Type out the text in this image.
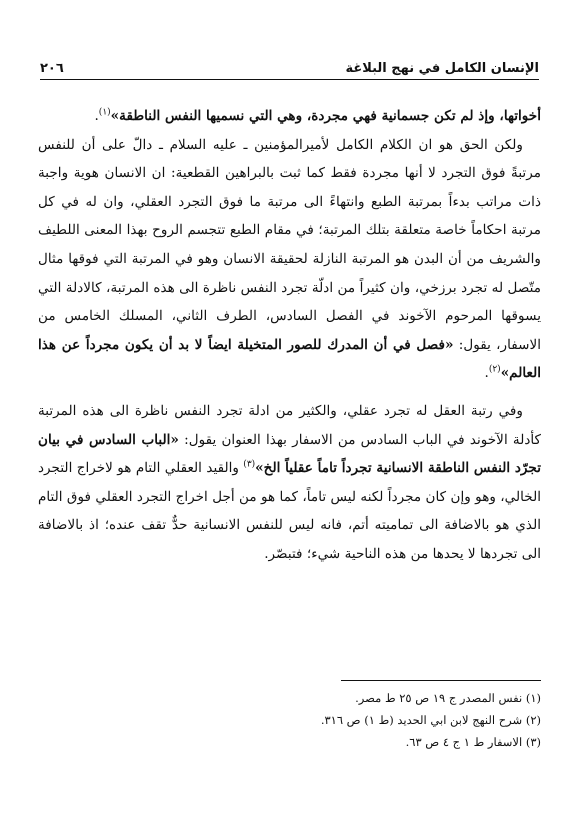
الإنسان الكامل في نهج البلاغة
٢٠٦

أخواتها، وإذ لم تكن جسمانية فهي مجردة، وهي التي نسميها النفس الناطقة»$^{(١)}$.

ولكن الحق هو ان الكلام الكامل لأميرالمؤمنين ـ عليه السلام ـ دالّ على أن للنفس مرتبةً فوق التجرد لا أنها مجردة فقط كما ثبت بالبراهين القطعية: ان الانسان هوية واجبة ذات مراتب بدءاً بمرتبة الطبع وانتهاءً الى مرتبة ما فوق التجرد العقلي، وان له في كل مرتبة احكاماً خاصة متعلقة بتلك المرتبة؛ في مقام الطبع تتجسم الروح بهذا المعنى اللطيف والشريف من أن البدن هو المرتبة النازلة لحقيقة الانسان وهو في المرتبة التي فوقها مثال متّصل له تجرد برزخي، وان كثيراً من ادلّة تجرد النفس ناظرة الى هذه المرتبة، كالادلة التي يسوقها المرحوم الآخوند في الفصل السادس، الطرف الثاني، المسلك الخامس من الاسفار، يقول: «فصل في أن المدرك للصور المتخيلة ايضاً لا بد أن يكون مجرداً عن هذا العالم»$^{(٢)}$.

وفي رتبة العقل له تجرد عقلي، والكثير من ادلة تجرد النفس ناظرة الى هذه المرتبة كأدلة الآخوند في الباب السادس من الاسفار بهذا العنوان يقول: «الباب السادس في بيان تجرّد النفس الناطقة الانسانية تجرداً تاماً عقلياً الخ»$^{(٣)}$ والقيد العقلي التام هو لاخراج التجرد الخالي، وهو وإن كان مجرداً لكنه ليس تاماً، كما هو من أجل اخراج التجرد العقلي فوق التام الذي هو بالاضافة الى تماميته أتم، فانه ليس للنفس الانسانية حدٌّ تقف عنده؛ اذ بالاضافة الى تجردها لا يحدها من هذه الناحية شيء؛ فتبصّر.

(١) نفس المصدر ج ١٩ ص ٢٥ ط مصر.
(٢) شرح النهج لابن ابي الحديد (ط ١) ص ٣١٦.
(٣) الاسفار ط ١ ج ٤ ص ٦٣.
